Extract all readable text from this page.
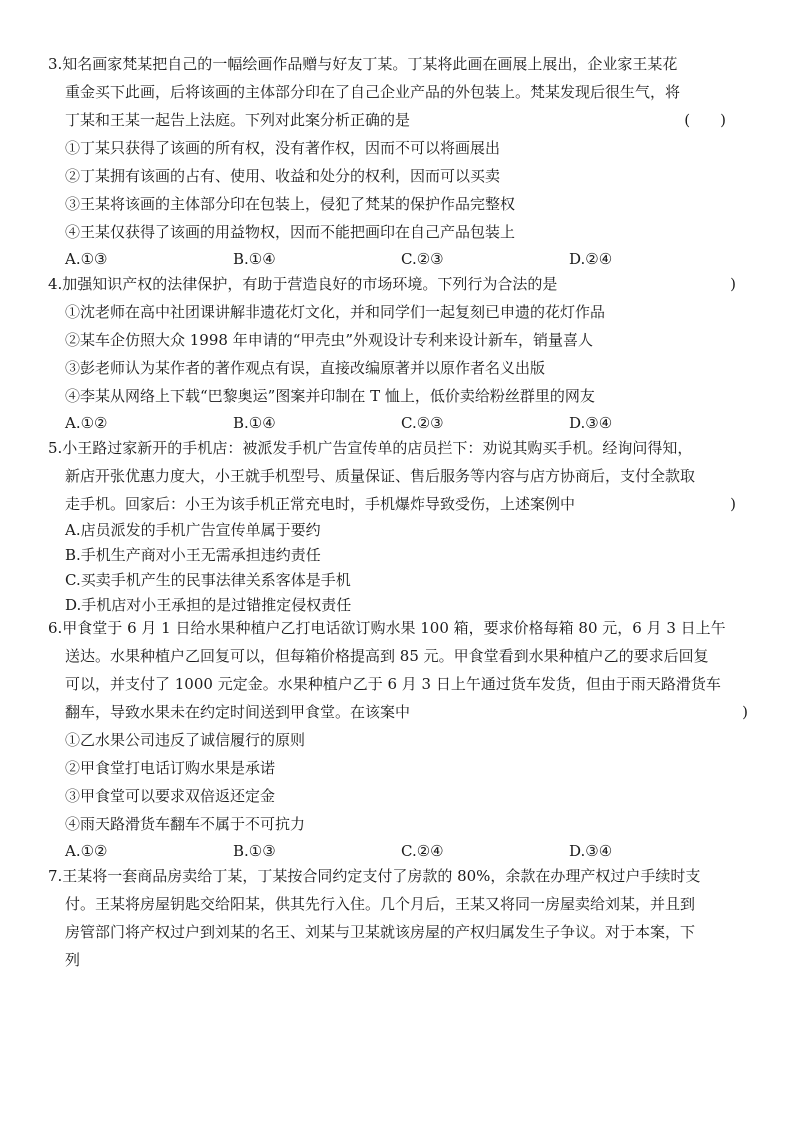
3.知名画家梵某把自己的一幅绘画作品赠与好友丁某。丁某将此画在画展上展出，企业家王某花
重金买下此画，后将该画的主体部分印在了自己企业产品的外包装上。梵某发现后很生气，将
丁某和王某一起告上法庭。下列对此案分析正确的是	(　　)
①丁某只获得了该画的所有权，没有著作权，因而不可以将画展出
②丁某拥有该画的占有、使用、收益和处分的权利，因而可以买卖
③王某将该画的主体部分印在包装上，侵犯了梵某的保护作品完整权
④王某仅获得了该画的用益物权，因而不能把画印在自己产品包装上
A.①③	B.①④	C.②③	D.②④
4.加强知识产权的法律保护，有助于营造良好的市场环境。下列行为合法的是	)
①沈老师在高中社团课讲解非遗花灯文化，并和同学们一起复刻已申遗的花灯作品
②某车企仿照大众 1998 年申请的“甲壳虫”外观设计专利来设计新车，销量喜人
③彭老师认为某作者的著作观点有误，直接改编原著并以原作者名义出版
④李某从网络上下载“巴黎奥运”图案并印制在 T 恤上，低价卖给粉丝群里的网友
A.①②	B.①④	C.②③	D.③④
5.小王路过家新开的手机店：被派发手机广告宣传单的店员拦下：劝说其购买手机。经询问得知，
新店开张优惠力度大，小王就手机型号、质量保证、售后服务等内容与店方协商后，支付全款取
走手机。回家后：小王为该手机正常充电时，手机爆炸导致受伤，上述案例中	)
A.店员派发的手机广告宣传单属于要约
B.手机生产商对小王无需承担违约责任
C.买卖手机产生的民事法律关系客体是手机
D.手机店对小王承担的是过错推定侵权责任
6.甲食堂于 6 月 1 日给水果种植户乙打电话欲订购水果 100 箱，要求价格每箱 80 元，6 月 3 日上午
送达。水果种植户乙回复可以，但每箱价格提高到 85 元。甲食堂看到水果种植户乙的要求后回复
可以，并支付了 1000 元定金。水果种植户乙于 6 月 3 日上午通过货车发货，但由于雨天路滑货车
翻车，导致水果未在约定时间送到甲食堂。在该案中	)
①乙水果公司违反了诚信履行的原则
②甲食堂打电话订购水果是承诺
③甲食堂可以要求双倍返还定金
④雨天路滑货车翻车不属于不可抗力
A.①②	B.①③	C.②④	D.③④
7.王某将一套商品房卖给丁某，丁某按合同约定支付了房款的 80%，余款在办理产权过户手续时支
付。王某将房屋钥匙交给阳某，供其先行入住。几个月后，王某又将同一房屋卖给刘某，并且到
房管部门将产权过户到刘某的名王、刘某与卫某就该房屋的产权归属发生子争议。对于本案，下
列
